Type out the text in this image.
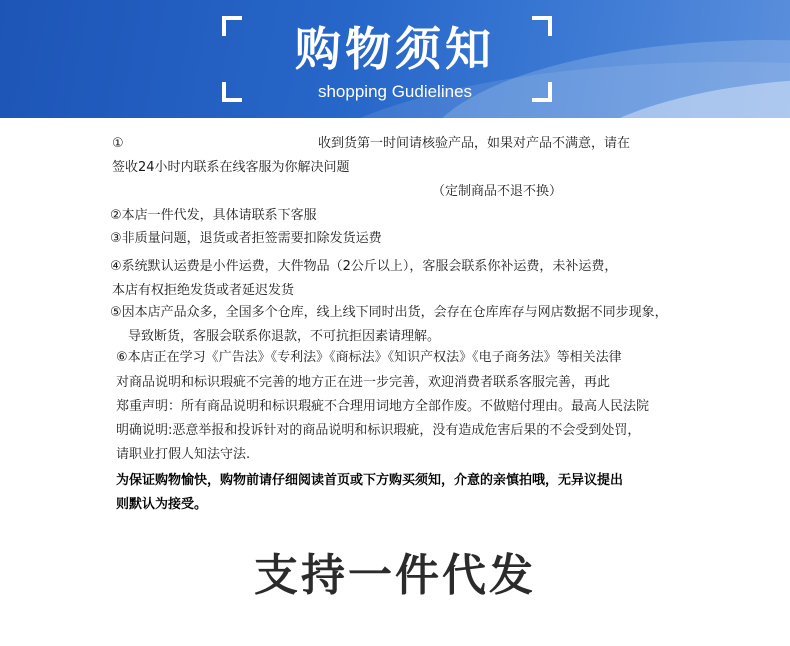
购物须知
shopping Gudielines
①	收到货第一时间请核验产品，如果对产品不满意，请在
签收24小时内联系在线客服为你解决问题
（定制商品不退不换）
②本店一件代发，具体请联系下客服
③非质量问题，退货或者拒签需要扣除发货运费
④系统默认运费是小件运费，大件物品（2公斤以上），客服会联系你补运费，未补运费，
本店有权拒绝发货或者延迟发货
⑤因本店产品众多，全国多个仓库，线上线下同时出货，会存在仓库库存与网店数据不同步现象，
导致断货，客服会联系你退款，不可抗拒因素请理解。
⑥本店正在学习《广告法》《专利法》《商标法》《知识产权法》《电子商务法》等相关法律
对商品说明和标识瑕疵不完善的地方正在进一步完善，欢迎消费者联系客服完善，再此
郑重声明：所有商品说明和标识瑕疵不合理用词地方全部作废。不做赔付理由。最高人民法院
明确说明:恶意举报和投诉针对的商品说明和标识瑕疵，没有造成危害后果的不会受到处罚，
请职业打假人知法守法.
为保证购物愉快，购物前请仔细阅读首页或下方购买须知，介意的亲慎拍哦，无异议提出
则默认为接受。
支持一件代发
